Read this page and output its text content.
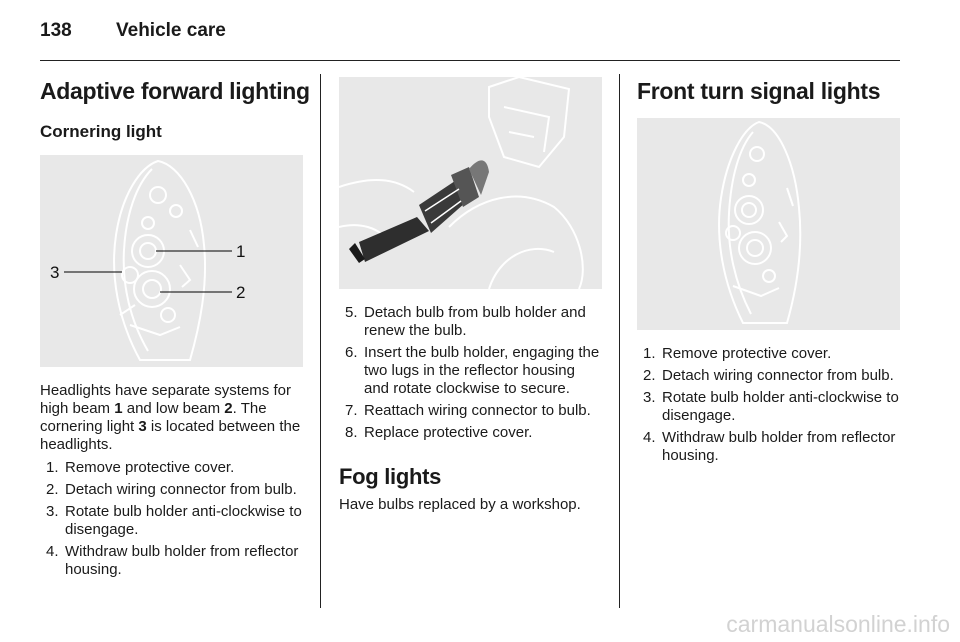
138 Vehicle care
Adaptive forward lighting
Cornering light
1
2
3

Headlights have separate systems for high beam 1 and low beam 2. The cornering light 3 is located between the headlights.

1. Remove protective cover.
2. Detach wiring connector from bulb.
3. Rotate bulb holder anti-clockwise to disengage.
4. Withdraw bulb holder from reflector housing.
5. Detach bulb from bulb holder and renew the bulb.
6. Insert the bulb holder, engaging the two lugs in the reflector housing and rotate clockwise to secure.
7. Reattach wiring connector to bulb.
8. Replace protective cover.
Fog lights

Have bulbs replaced by a workshop.

Front turn signal lights
1. Remove protective cover.
2. Detach wiring connector from bulb.
3. Rotate bulb holder anti-clockwise to disengage.
4. Withdraw bulb holder from reflector housing.
carmanualsonline.info
